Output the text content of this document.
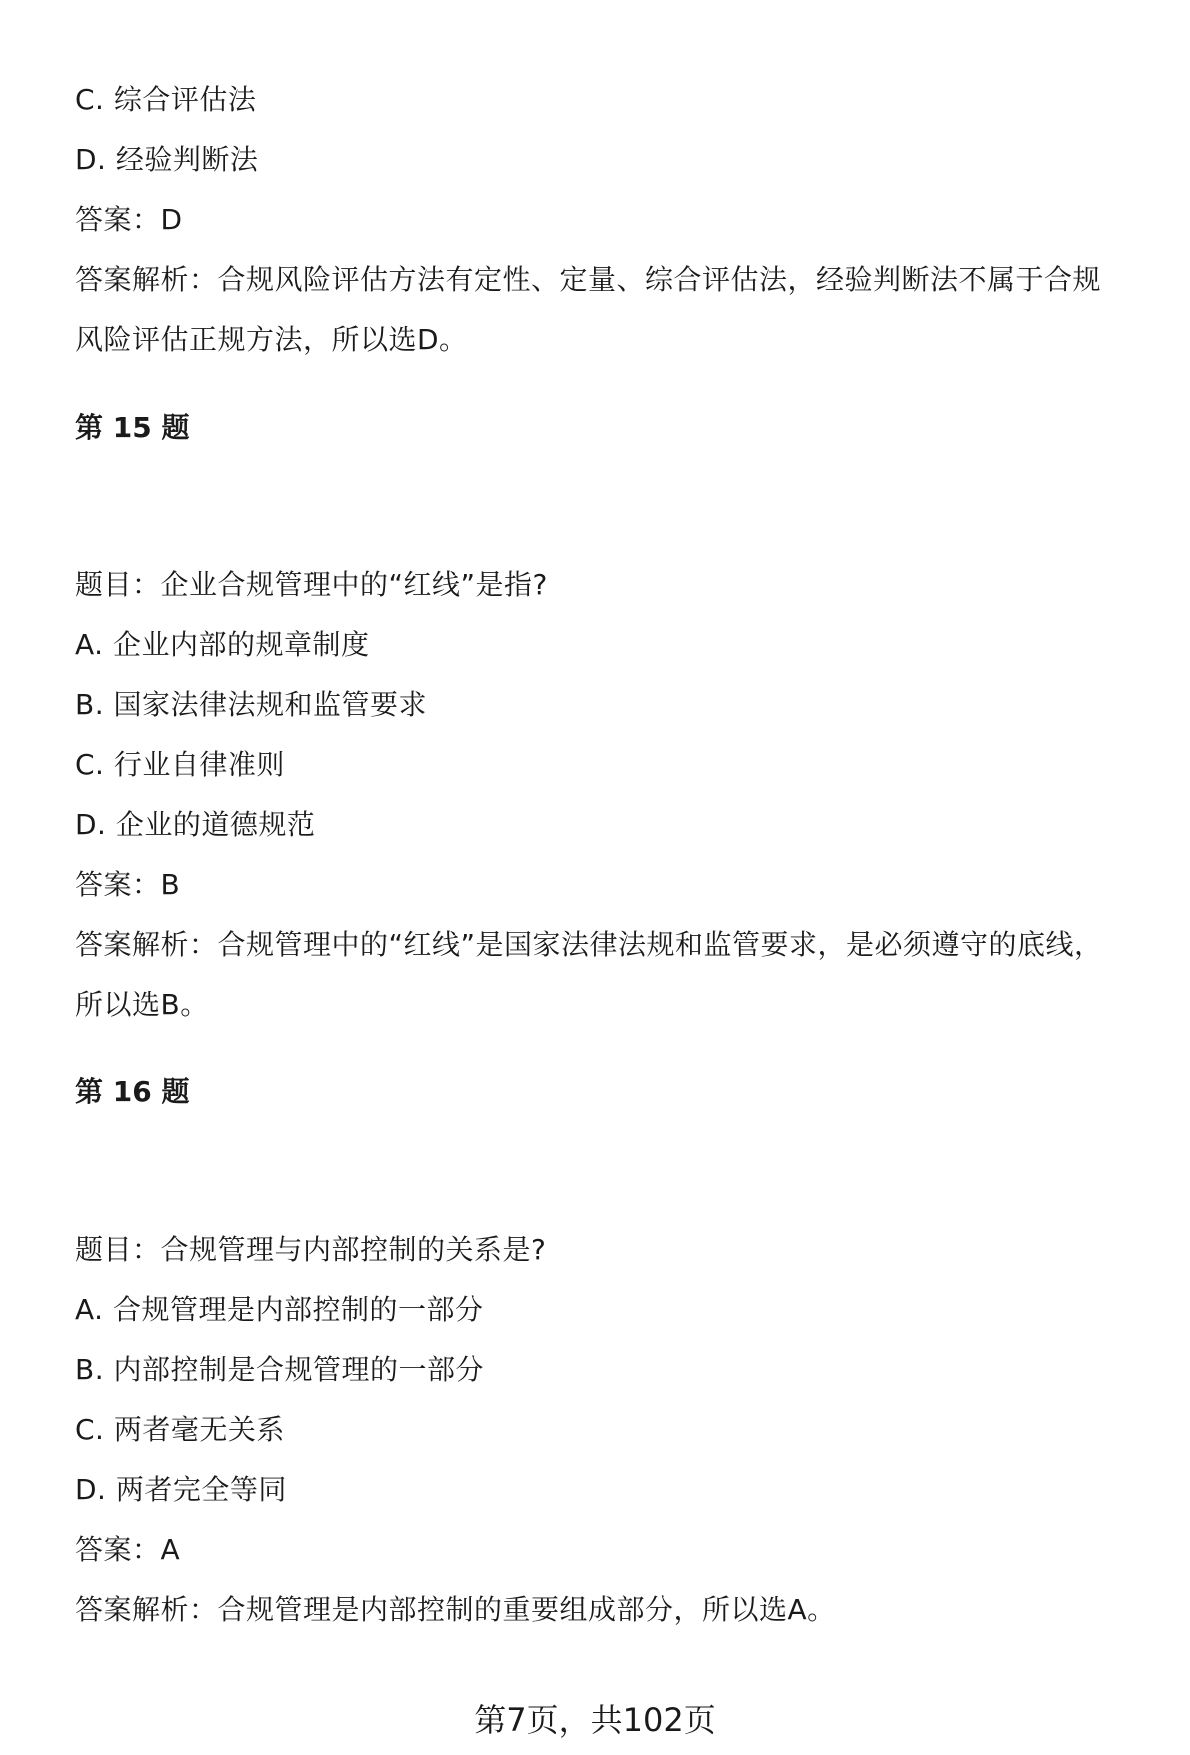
C. 综合评估法
D. 经验判断法
答案：D
答案解析：合规风险评估方法有定性、定量、综合评估法，经验判断法不属于合规
风险评估正规方法，所以选D。
第 15 题
题目：企业合规管理中的“红线”是指?
A. 企业内部的规章制度
B. 国家法律法规和监管要求
C. 行业自律准则
D. 企业的道德规范
答案：B
答案解析：合规管理中的“红线”是国家法律法规和监管要求，是必须遵守的底线，
所以选B。
第 16 题
题目：合规管理与内部控制的关系是?
A. 合规管理是内部控制的一部分
B. 内部控制是合规管理的一部分
C. 两者毫无关系
D. 两者完全等同
答案：A
答案解析：合规管理是内部控制的重要组成部分，所以选A。
第7页，共102页
